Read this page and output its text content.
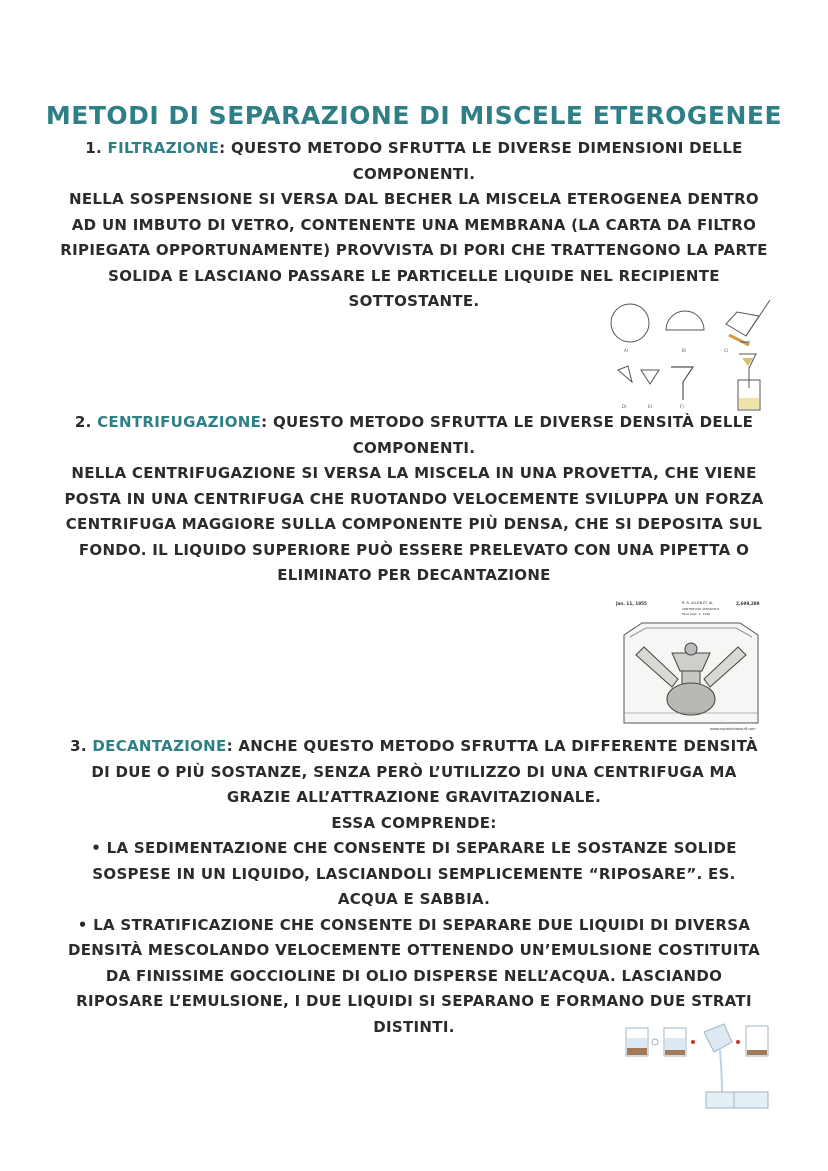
METODI DI SEPARAZIONE DI MISCELE ETEROGENEE

1. FILTRAZIONE: QUESTO METODO SFRUTTA LE DIVERSE DIMENSIONI DELLE COMPONENTI.

NELLA SOSPENSIONE SI VERSA DAL BECHER LA MISCELA ETEROGENEA DENTRO AD UN IMBUTO DI VETRO, CONTENENTE UNA MEMBRANA (LA CARTA DA FILTRO RIPIEGATA OPPORTUNAMENTE) PROVVISTA DI PORI CHE TRATTENGONO LA PARTE SOLIDA E LASCIANO PASSARE LE PARTICELLE LIQUIDE NEL RECIPIENTE SOTTOSTANTE.

A)	B)	C)
D)	E)	F)

2. CENTRIFUGAZIONE: QUESTO METODO SFRUTTA LE DIVERSE DENSITÀ DELLE COMPONENTI.

NELLA CENTRIFUGAZIONE SI VERSA LA MISCELA IN UNA PROVETTA, CHE VIENE POSTA IN UNA CENTRIFUGA CHE RUOTANDO VELOCEMENTE SVILUPPA UN FORZA CENTRIFUGA MAGGIORE SULLA COMPONENTE PIÙ DENSA, CHE SI DEPOSITA SUL FONDO. IL LIQUIDO SUPERIORE PUÒ ESSERE PRELEVATO CON UNA PIPETTA O ELIMINATO PER DECANTAZIONE

Jan. 11, 1955	R. R. ALLEN ET AL	2,699,289
CENTRIFUGE APPARATUS
Filed Sept. 3, 1949
www.explainthatstuff.com

3. DECANTAZIONE: ANCHE QUESTO METODO SFRUTTA LA DIFFERENTE DENSITÀ DI DUE O PIÙ SOSTANZE, SENZA PERÒ L’UTILIZZO DI UNA CENTRIFUGA MA GRAZIE ALL’ATTRAZIONE GRAVITAZIONALE.

ESSA COMPRENDE:

• LA SEDIMENTAZIONE CHE CONSENTE DI SEPARARE LE SOSTANZE SOLIDE SOSPESE IN UN LIQUIDO, LASCIANDOLI SEMPLICEMENTE “RIPOSARE”. ES. ACQUA E SABBIA.

• LA STRATIFICAZIONE CHE CONSENTE DI SEPARARE DUE LIQUIDI DI DIVERSA DENSITÀ MESCOLANDO VELOCEMENTE OTTENENDO UN’EMULSIONE COSTITUITA DA FINISSIME GOCCIOLINE DI OLIO DISPERSE NELL’ACQUA. LASCIANDO RIPOSARE L’EMULSIONE, I DUE LIQUIDI SI SEPARANO E FORMANO DUE STRATI DISTINTI.
